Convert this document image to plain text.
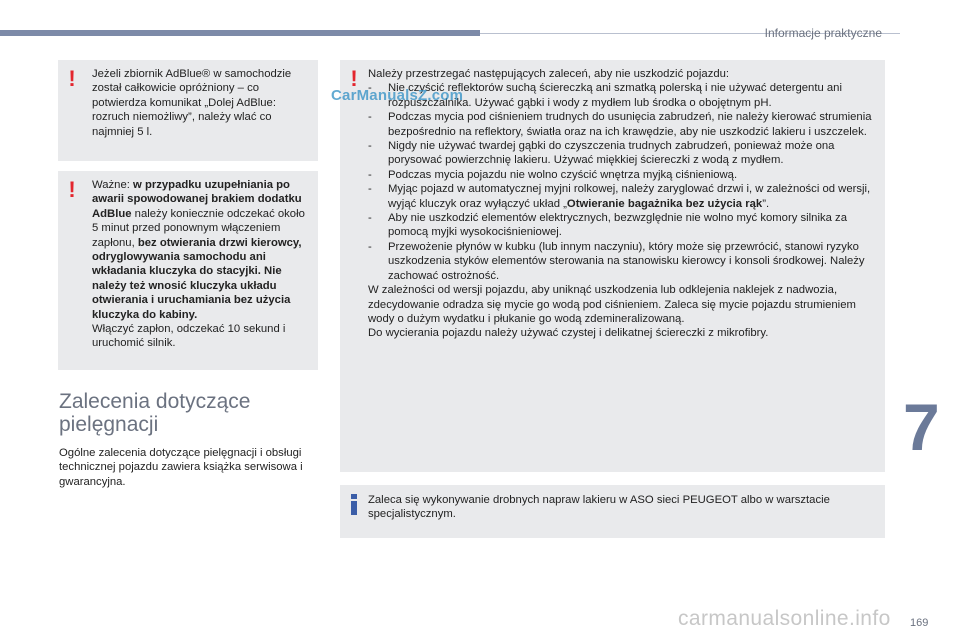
Informacje praktyczne
! Jeżeli zbiornik AdBlue® w samochodzie został całkowicie opróżniony – co potwierdza komunikat „Dolej AdBlue: rozruch niemożliwy”, należy wlać co najmniej 5 l.

! Ważne: w przypadku uzupełniania po awarii spowodowanej brakiem dodatku AdBlue należy koniecznie odczekać około 5 minut przed ponownym włączeniem zapłonu, bez otwierania drzwi kierowcy, odryglowywania samochodu ani wkładania kluczyka do stacyjki. Nie należy też wnosić kluczyka układu otwierania i uruchamiania bez użycia kluczyka do kabiny.

Włączyć zapłon, odczekać 10 sekund i uruchomić silnik.

Zalecenia dotyczące pielęgnacji

Ogólne zalecenia dotyczące pielęgnacji i obsługi technicznej pojazdu zawiera książka serwisowa i gwarancyjna.

! Należy przestrzegać następujących zaleceń, aby nie uszkodzić pojazdu:

- Nie czyścić reflektorów suchą ściereczką ani szmatką polerską i nie używać detergentu ani rozpuszczalnika. Używać gąbki i wody z mydłem lub środka o obojętnym pH.
- Podczas mycia pod ciśnieniem trudnych do usunięcia zabrudzeń, nie należy kierować strumienia bezpośrednio na reflektory, światła oraz na ich krawędzie, aby nie uszkodzić lakieru i uszczelek.
- Nigdy nie używać twardej gąbki do czyszczenia trudnych zabrudzeń, ponieważ może ona porysować powierzchnię lakieru. Używać miękkiej ściereczki z wodą z mydłem.
- Podczas mycia pojazdu nie wolno czyścić wnętrza myjką ciśnieniową.
- Myjąc pojazd w automatycznej myjni rolkowej, należy zaryglować drzwi i, w zależności od wersji, wyjąć kluczyk oraz wyłączyć układ „Otwieranie bagażnika bez użycia rąk”.
- Aby nie uszkodzić elementów elektrycznych, bezwzględnie nie wolno myć komory silnika za pomocą myjki wysokociśnieniowej.
- Przewożenie płynów w kubku (lub innym naczyniu), który może się przewrócić, stanowi ryzyko uszkodzenia styków elementów sterowania na stanowisku kierowcy i konsoli środkowej. Należy zachować ostrożność.

W zależności od wersji pojazdu, aby uniknąć uszkodzenia lub odklejenia naklejek z nadwozia, zdecydowanie odradza się mycie go wodą pod ciśnieniem. Zaleca się mycie pojazdu strumieniem wody o dużym wydatku i płukanie go wodą zdemineralizowaną.

Do wycierania pojazdu należy używać czystej i delikatnej ściereczki z mikrofibry.

Zaleca się wykonywanie drobnych napraw lakieru w ASO sieci PEUGEOT albo w warsztacie specjalistycznym.

7
169
CarManualsZ.com
carmanualsonline.info
